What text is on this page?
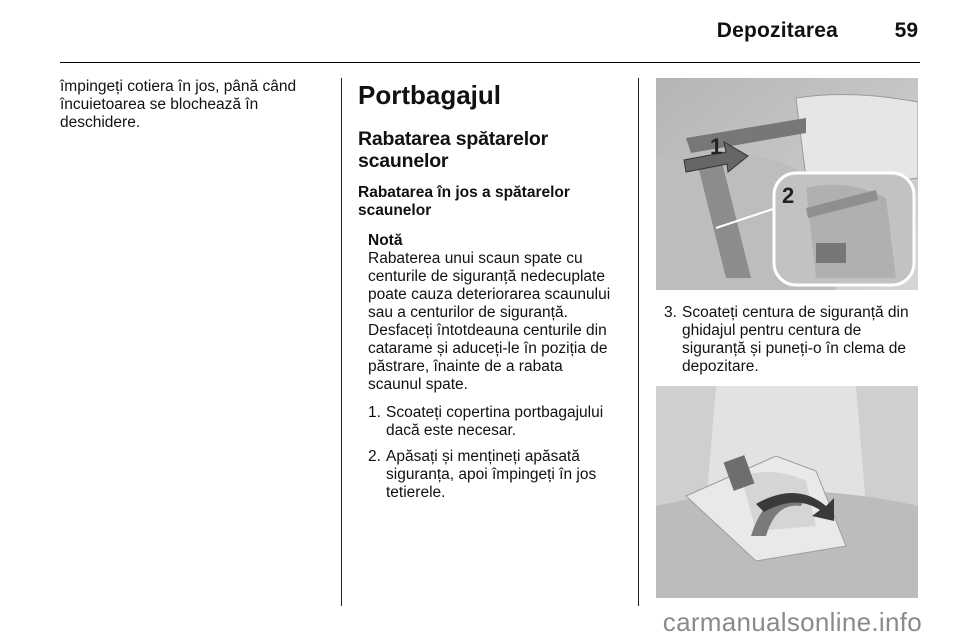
Depozitarea	59

împingeți cotiera în jos, până când încuietoarea se blochează în deschidere.

Portbagajul
Rabatarea spătarelor scaunelor
Rabatarea în jos a spătarelor scaunelor
Notă
Rabaterea unui scaun spate cu centurile de siguranță nedecuplate poate cauza deteriorarea scaunului sau a centurilor de siguranță. Desfaceți întotdeauna centurile din catarame și aduceți-le în poziția de păstrare, înainte de a rabata scaunul spate.
1. Scoateți copertina portbagajului dacă este necesar.
2. Apăsați și mențineți apăsată siguranța, apoi împingeți în jos tetierele.
1
2
3. Scoateți centura de siguranță din ghidajul pentru centura de siguranță și puneți-o în clema de depozitare.
carmanualsonline.info
